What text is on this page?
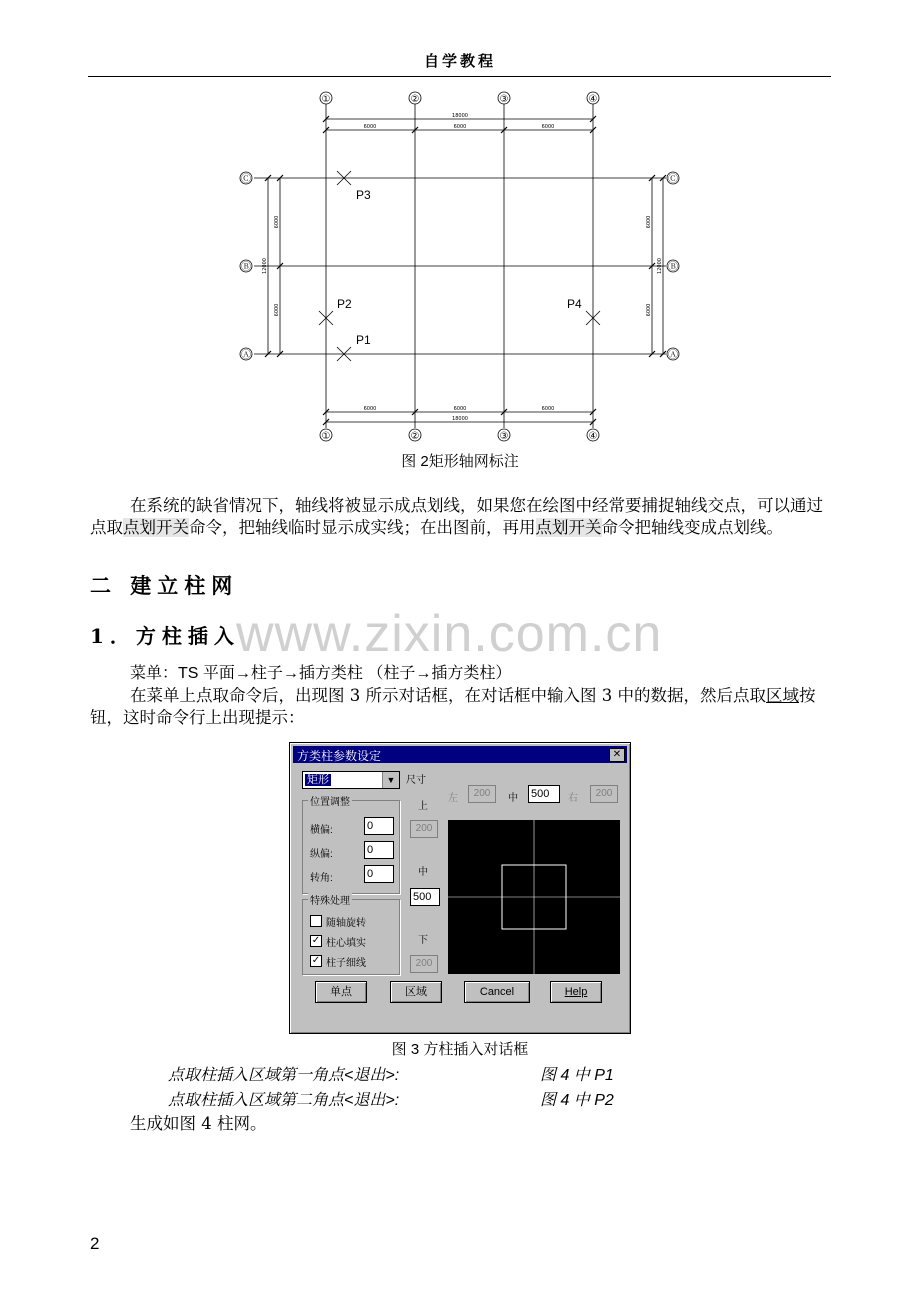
自学教程
①	②	③	④
①	②	③	④
Ⓒ
Ⓑ
Ⓐ
Ⓒ
Ⓑ
Ⓐ
18000
6000	6000	6000
6000	6000	6000
18000
12000
6000
6000
6000
6000
12000
P3
P2
P1
P4
图 2矩形轴网标注
在系统的缺省情况下，轴线将被显示成点划线，如果您在绘图中经常要捕捉轴线交点，可以通过点取点划开关命令，把轴线临时显示成实线；在出图前，再用点划开关命令把轴线变成点划线。
二 建立柱网
www.zixin.com.cn
1．方柱插入
菜单：TS 平面→柱子→插方类柱 （柱子→插方类柱）
在菜单上点取命令后，出现图 3 所示对话框，在对话框中输入图 3 中的数据，然后点取区域按钮，这时命令行上出现提示：
方类柱参数设定	✕
矩形	▼	尺寸
左	200	中 500	右	200
位置调整
横偏:	0
纵偏:	0
转角:	0
特殊处理
随轴旋转
✓ 柱心填实
✓ 柱子细线
上
200
中
500
下
200
单点	区域	Cancel	Help
图 3 方柱插入对话框
点取柱插入区域第一角点<退出>:	图 4 中 P1
点取柱插入区域第二角点<退出>:	图 4 中 P2
生成如图 4 柱网。
2
